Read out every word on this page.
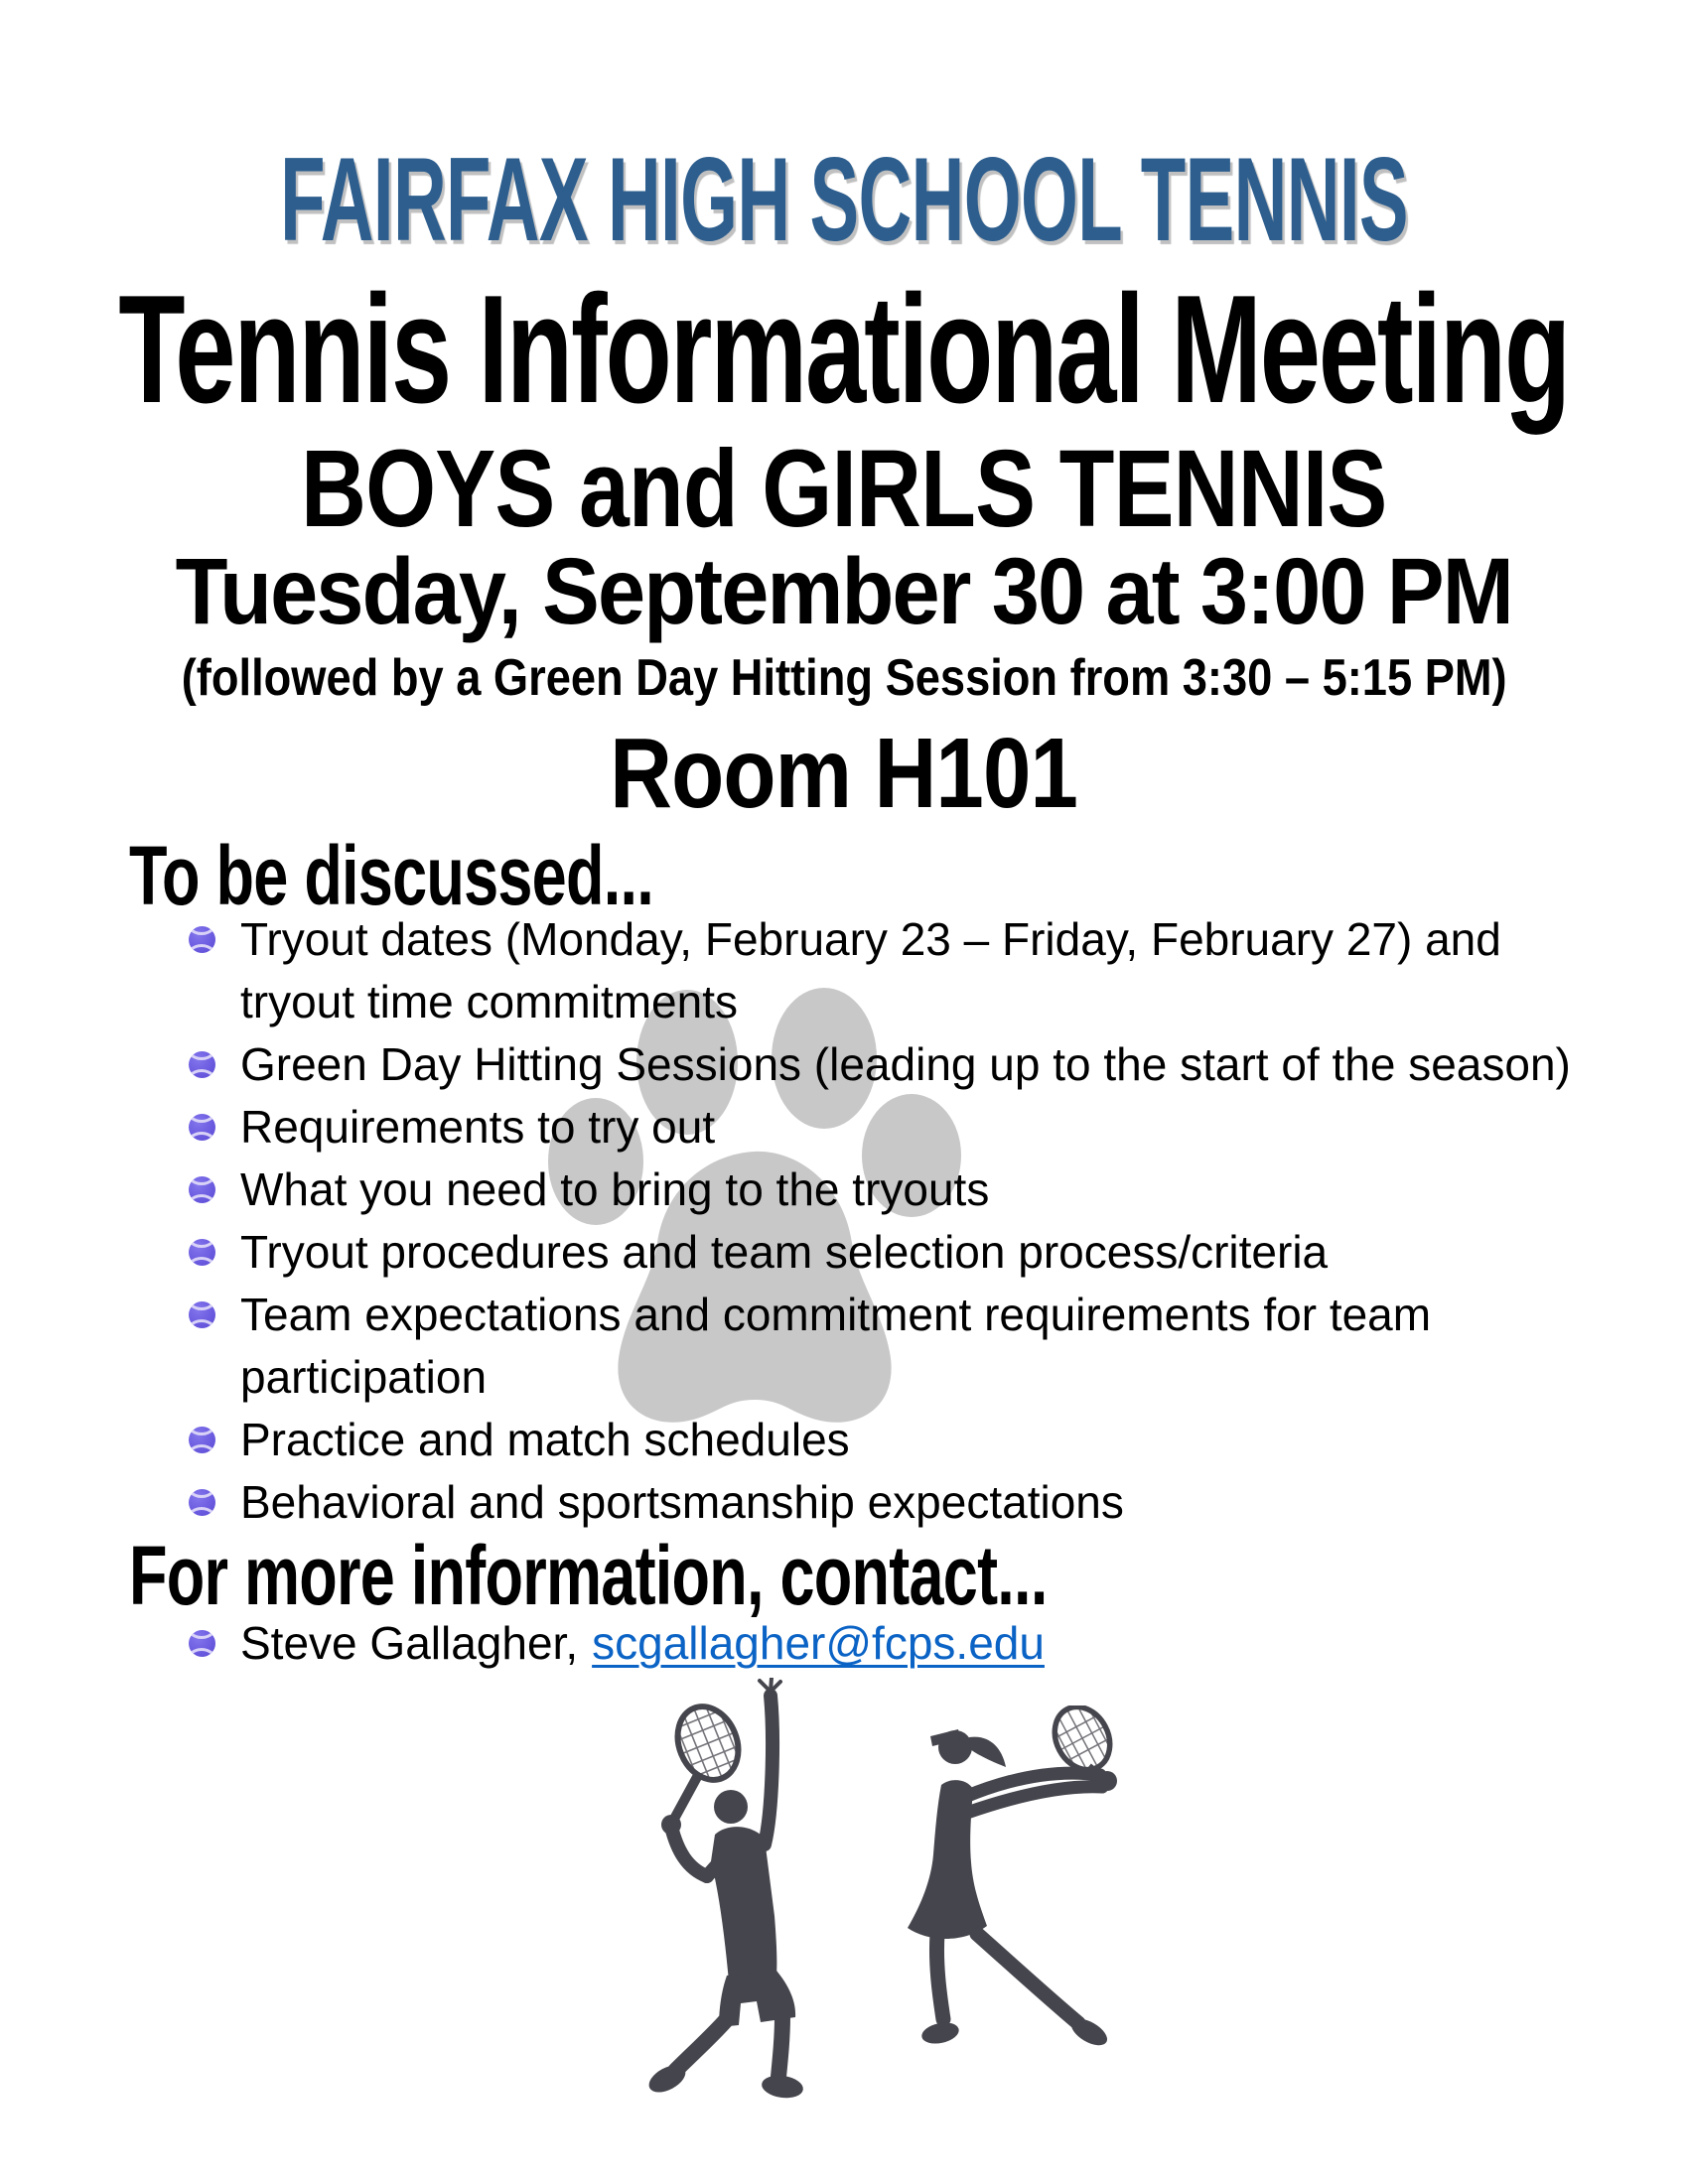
FAIRFAX HIGH SCHOOL TENNIS
Tennis Informational Meeting
BOYS and GIRLS TENNIS
Tuesday, September 30 at 3:00 PM
(followed by a Green Day Hitting Session from 3:30 – 5:15 PM)
Room H101
To be discussed...
Tryout dates (Monday, February 23 – Friday, February 27) and tryout time commitments
Green Day Hitting Sessions (leading up to the start of the season)
Requirements to try out
What you need to bring to the tryouts
Tryout procedures and team selection process/criteria
Team expectations and commitment requirements for team participation
Practice and match schedules
Behavioral and sportsmanship expectations
For more information, contact...
Steve Gallagher, scgallagher@fcps.edu
